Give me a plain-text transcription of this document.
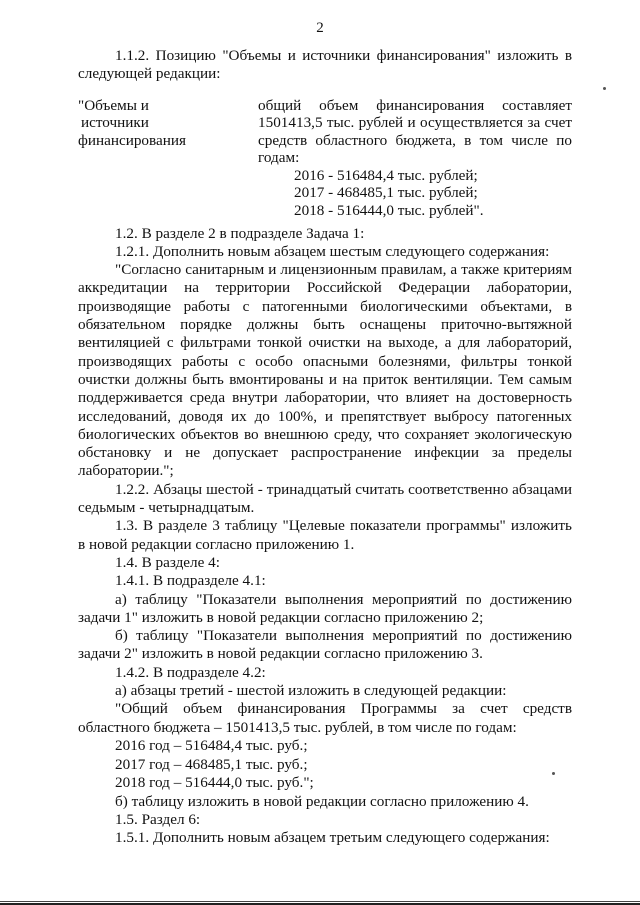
2

1.1.2. Позицию "Объемы и источники финансирования" изложить в следующей редакции:

"Объемы и
источники
финансирования
общий объем финансирования составляет 1501413,5 тыс. рублей и осуществляется за счет средств областного бюджета, в том числе по годам:
2016 - 516484,4 тыс. рублей;
2017 - 468485,1 тыс. рублей;
2018 - 516444,0 тыс. рублей".

1.2. В разделе 2 в подразделе Задача 1:

1.2.1. Дополнить новым абзацем шестым следующего содержания:

"Согласно санитарным и лицензионным правилам, а также критериям аккредитации на территории Российской Федерации лаборатории, производящие работы с патогенными биологическими объектами, в обязательном порядке должны быть оснащены приточно-вытяжной вентиляцией с фильтрами тонкой очистки на выходе, а для лабораторий, производящих работы с особо опасными болезнями, фильтры тонкой очистки должны быть вмонтированы и на приток вентиляции. Тем самым поддерживается среда внутри лаборатории, что влияет на достоверность исследований, доводя их до 100%, и препятствует выбросу патогенных биологических объектов во внешнюю среду, что сохраняет экологическую обстановку и не допускает распространение инфекции за пределы лаборатории.";

1.2.2. Абзацы шестой - тринадцатый считать соответственно абзацами седьмым - четырнадцатым.

1.3. В разделе 3 таблицу "Целевые показатели программы" изложить в новой редакции согласно приложению 1.

1.4. В разделе 4:

1.4.1. В подразделе 4.1:

а) таблицу "Показатели выполнения мероприятий по достижению задачи 1" изложить в новой редакции согласно приложению 2;

б) таблицу "Показатели выполнения мероприятий по достижению задачи 2" изложить в новой редакции согласно приложению 3.

1.4.2. В подразделе 4.2:

а) абзацы третий - шестой изложить в следующей редакции:

"Общий объем финансирования Программы за счет средств областного бюджета – 1501413,5 тыс. рублей, в том числе по годам:

2016 год – 516484,4 тыс. руб.;

2017 год – 468485,1 тыс. руб.;

2018 год – 516444,0 тыс. руб.";

б) таблицу изложить в новой редакции согласно приложению 4.

1.5. Раздел 6:

1.5.1. Дополнить новым абзацем третьим следующего содержания:
